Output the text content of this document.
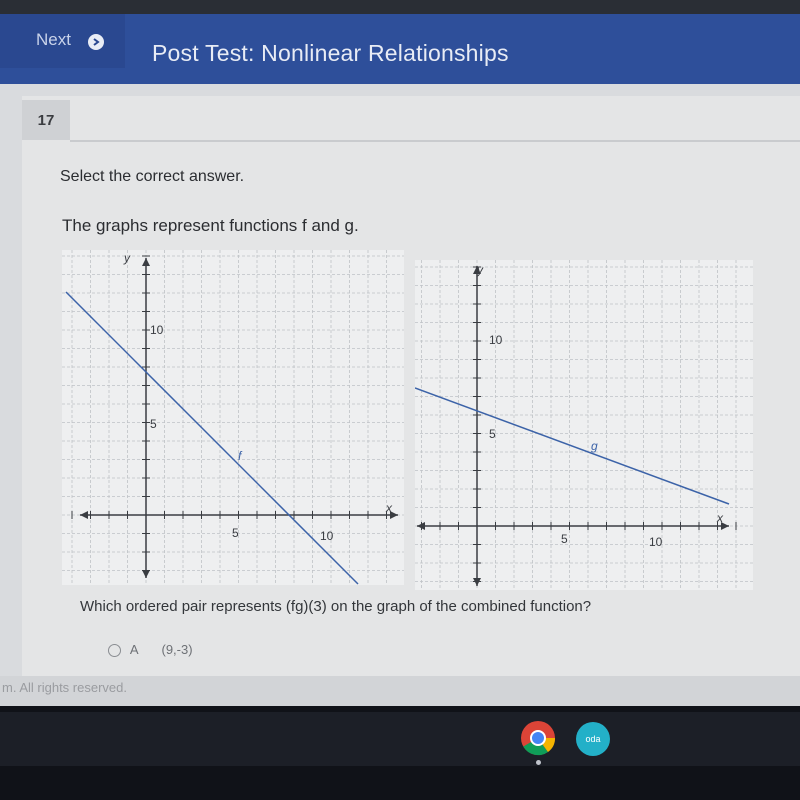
Next
Post Test: Nonlinear Relationships
17
Select the correct answer.
The graphs represent functions f and g.
y
x
10
5
5	10
f
y
x
10
5
5	10
g
Which ordered pair represents (fg)(3) on the graph of the combined function?
A (9,-3)
m. All rights reserved.
oda
